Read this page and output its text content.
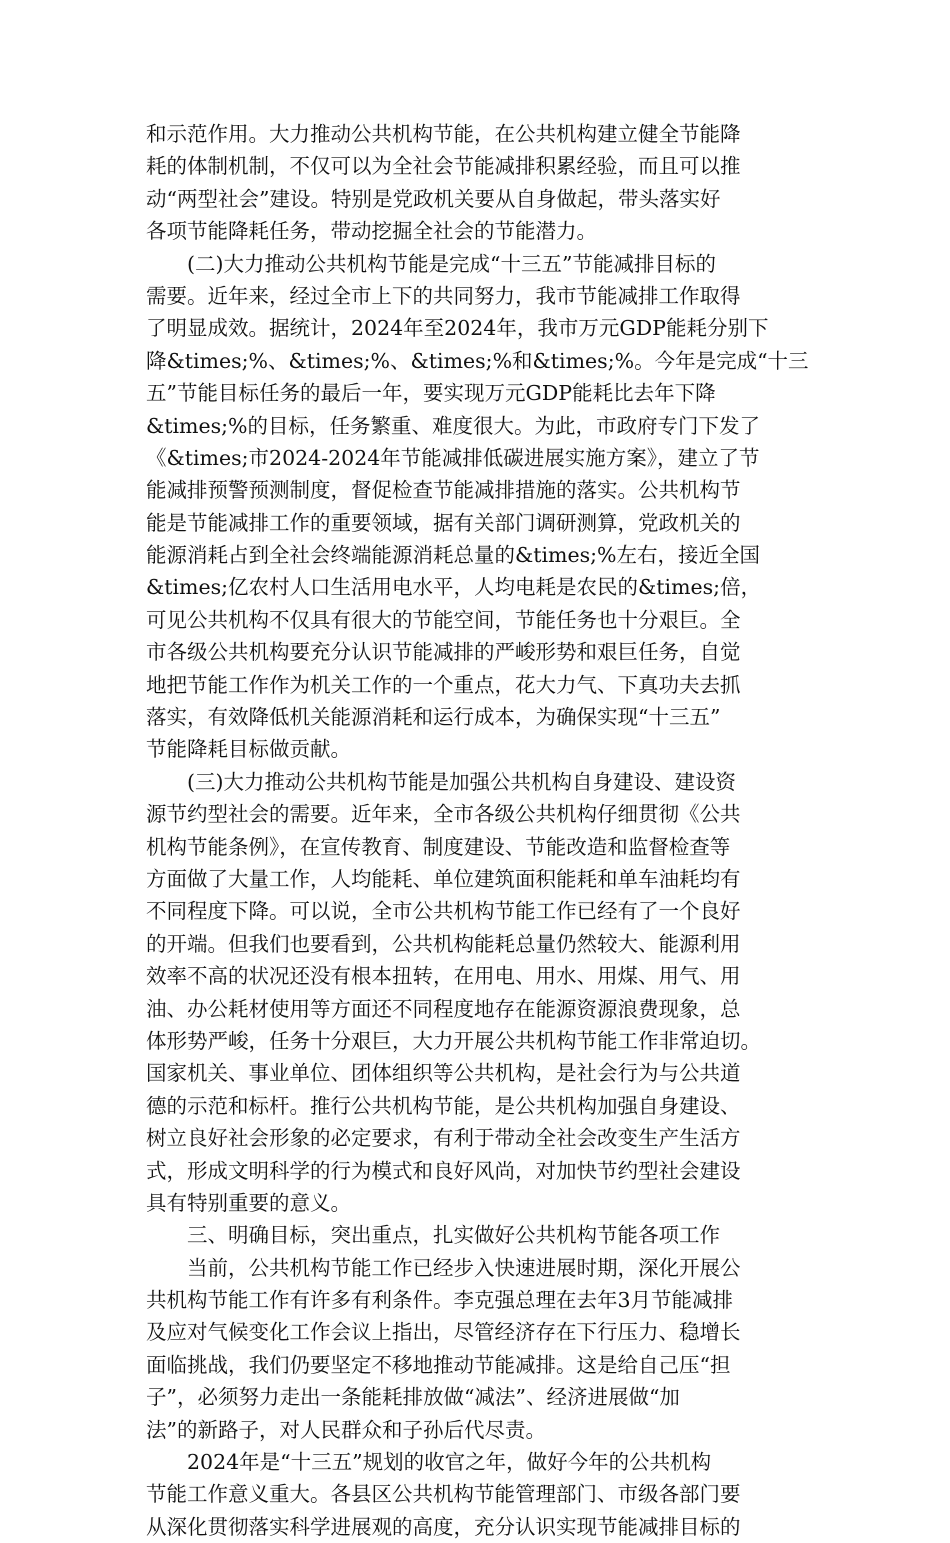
和示范作用。大力推动公共机构节能，在公共机构建立健全节能降
耗的体制机制，不仅可以为全社会节能减排积累经验，而且可以推
动“两型社会”建设。特别是党政机关要从自身做起，带头落实好
各项节能降耗任务，带动挖掘全社会的节能潜力。
　　(二)大力推动公共机构节能是完成“十三五”节能减排目标的
需要。近年来，经过全市上下的共同努力，我市节能减排工作取得
了明显成效。据统计，2024年至2024年，我市万元GDP能耗分别下
降&times;%、&times;%、&times;%和&times;%。今年是完成“十三
五”节能目标任务的最后一年，要实现万元GDP能耗比去年下降
&times;%的目标，任务繁重、难度很大。为此，市政府专门下发了
《&times;市2024-2024年节能减排低碳进展实施方案》，建立了节
能减排预警预测制度，督促检查节能减排措施的落实。公共机构节
能是节能减排工作的重要领域，据有关部门调研测算，党政机关的
能源消耗占到全社会终端能源消耗总量的&times;%左右，接近全国
&times;亿农村人口生活用电水平，人均电耗是农民的&times;倍，
可见公共机构不仅具有很大的节能空间，节能任务也十分艰巨。全
市各级公共机构要充分认识节能减排的严峻形势和艰巨任务，自觉
地把节能工作作为机关工作的一个重点，花大力气、下真功夫去抓
落实，有效降低机关能源消耗和运行成本，为确保实现“十三五”
节能降耗目标做贡献。
　　(三)大力推动公共机构节能是加强公共机构自身建设、建设资
源节约型社会的需要。近年来，全市各级公共机构仔细贯彻《公共
机构节能条例》，在宣传教育、制度建设、节能改造和监督检查等
方面做了大量工作，人均能耗、单位建筑面积能耗和单车油耗均有
不同程度下降。可以说，全市公共机构节能工作已经有了一个良好
的开端。但我们也要看到，公共机构能耗总量仍然较大、能源利用
效率不高的状况还没有根本扭转，在用电、用水、用煤、用气、用
油、办公耗材使用等方面还不同程度地存在能源资源浪费现象，总
体形势严峻，任务十分艰巨，大力开展公共机构节能工作非常迫切。
国家机关、事业单位、团体组织等公共机构，是社会行为与公共道
德的示范和标杆。推行公共机构节能，是公共机构加强自身建设、
树立良好社会形象的必定要求，有利于带动全社会改变生产生活方
式，形成文明科学的行为模式和良好风尚，对加快节约型社会建设
具有特别重要的意义。
　　三、明确目标，突出重点，扎实做好公共机构节能各项工作
　　当前，公共机构节能工作已经步入快速进展时期，深化开展公
共机构节能工作有许多有利条件。李克强总理在去年3月节能减排
及应对气候变化工作会议上指出，尽管经济存在下行压力、稳增长
面临挑战，我们仍要坚定不移地推动节能减排。这是给自己压“担
子”，必须努力走出一条能耗排放做“减法”、经济进展做“加
法”的新路子，对人民群众和子孙后代尽责。
　　2024年是“十三五”规划的收官之年，做好今年的公共机构
节能工作意义重大。各县区公共机构节能管理部门、市级各部门要
从深化贯彻落实科学进展观的高度，充分认识实现节能减排目标的
